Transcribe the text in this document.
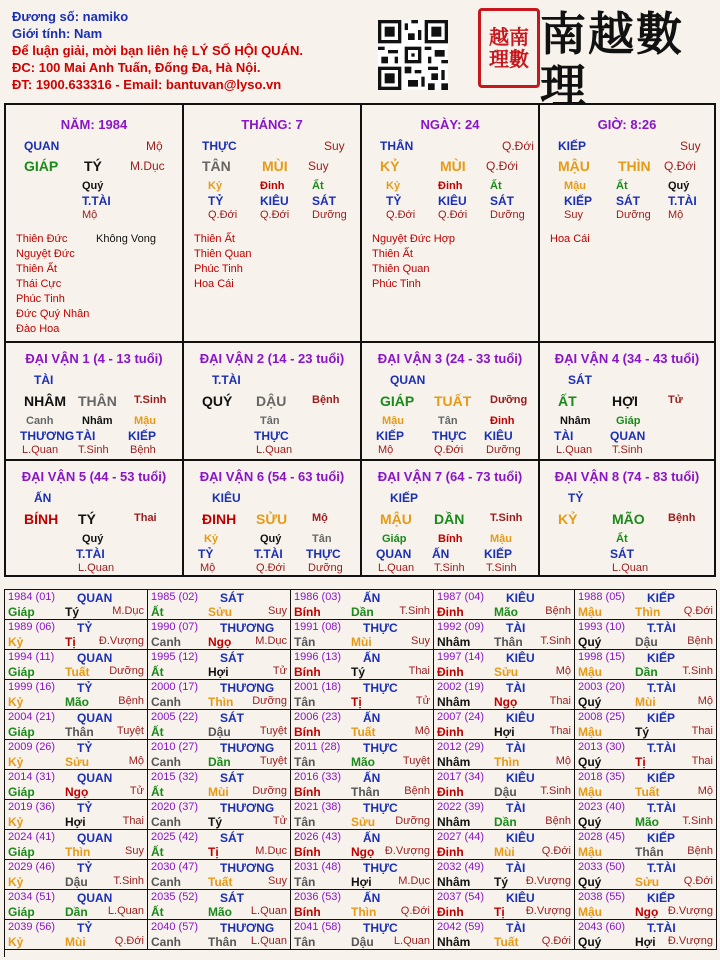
Đương số: namiko
Giới tính: Nam
Để luận giải, mời bạn liên hệ LÝ SỐ HỘI QUÁN.
ĐC: 100 Mai Anh Tuấn, Đống Đa, Hà Nội.
ĐT: 1900.633316 - Email: bantuvan@lyso.vn
越南理數 南越數理
NĂM: 1984
QUAN	Mộ
GIÁP TÝ M.Dục
Quý
T.TÀI
Mộ
Thiên Đức
Nguyệt Đức
Thiên Ất
Thái Cực
Phúc Tinh
Đức Quý Nhân
Đào Hoa
Không Vong
THÁNG: 7
THỰC	Suy
TÂN MÙI Suy
Kỷ
TỶ
Q.Đới
Đinh
KIÊU
Q.Đới
Ất
SÁT
Dưỡng
Thiên Ất
Thiên Quan
Phúc Tinh
Hoa Cái
NGÀY: 24
THÂN	Q.Đới
KỶ	MÙI Q.Đới
Kỷ
TỶ
Q.Đới
Đinh
KIÊU
Q.Đới
Ất
SÁT
Dưỡng
Nguyệt Đức Hợp
Thiên Ất
Thiên Quan
Phúc Tinh
GIỜ: 8:26
KIẾP	Suy
MẬU THÌN Q.Đới
Mậu
KIẾP
Suy
Ất
SÁT
Dưỡng
Quý
T.TÀI
Mộ
Hoa Cái
ĐẠI VẬN 1 (4 - 13 tuổi)
TÀI
NHÂM THÂN T.Sinh
Canh
THƯƠNG
L.Quan
Nhâm
TÀI
T.Sinh
Mậu
KIẾP
Bệnh
ĐẠI VẬN 2 (14 - 23 tuổi)
T.TÀI
QUÝ DẬU Bệnh
Tân
THỰC
L.Quan
ĐẠI VẬN 3 (24 - 33 tuổi)
QUAN
GIÁP TUẤT Dưỡng
Mậu
KIẾP
Mộ
Tân
THỰC
Q.Đới
Đinh
KIÊU
Dưỡng
ĐẠI VẬN 4 (34 - 43 tuổi)
SÁT
ẤT	HỢI	Tử
Nhâm
TÀI
L.Quan
Giáp
QUAN
T.Sinh
ĐẠI VẬN 5 (44 - 53 tuổi)
ẤN
BÍNH TÝ	Thai
Quý
T.TÀI
L.Quan
ĐẠI VẬN 6 (54 - 63 tuổi)
KIÊU
ĐINH SỬU Mộ
Kỷ
TỶ
Mộ
Quý
T.TÀI
Q.Đới
Tân
THỰC
Dưỡng
ĐẠI VẬN 7 (64 - 73 tuổi)
KIẾP
MẬU DẦN T.Sinh
Giáp
QUAN
L.Quan
Bính
ẤN
T.Sinh
Mậu
KIẾP
T.Sinh
ĐẠI VẬN 8 (74 - 83 tuổi)
TỶ
KỶ MÃO Bệnh
Ất
SÁT
L.Quan
1984 (01) QUAN
Giáp	Tý	M.Dục
1985 (02) SÁT
Ất	Sửu	Suy
1986 (03) ẤN
Bính	Dần T.Sinh
1987 (04) KIÊU
Đinh	Mão Bệnh
1988 (05) KIẾP
Mậu	Thìn Q.Đới
1989 (06) TỶ
Kỷ	Tị Đ.Vượng
1990 (07) THƯƠNG
Canh Ngọ M.Dục
1991 (08) THỰC
Tân	Mùi	Suy
1992 (09) TÀI
Nhâm Thân T.Sinh
1993 (10) T.TÀI
Quý	Dậu	Bệnh
1994 (11) QUAN
Giáp	Tuất Dưỡng
1995 (12) SÁT
Ất	Hợi	Tử
1996 (13) ẤN
Bính	Tý	Thai
1997 (14) KIÊU
Đinh	Sửu	Mộ
1998 (15) KIẾP
Mậu	Dần T.Sinh
1999 (16) TỶ
Kỷ	Mão	Bệnh
2000 (17) THƯƠNG
Canh Thìn Dưỡng
2001 (18) THỰC
Tân	Tị	Tử
2002 (19) TÀI
Nhâm Ngọ	Thai
2003 (20) T.TÀI
Quý	Mùi	Mộ
2004 (21) QUAN
Giáp	Thân Tuyệt
2005 (22) SÁT
Ất	Dậu	Tuyệt
2006 (23) ẤN
Bính	Tuất	Mộ
2007 (24) KIÊU
Đinh	Hợi	Thai
2008 (25) KIẾP
Mậu	Tý	Thai
2009 (26) TỶ
Kỷ	Sửu	Mộ
2010 (27) THƯƠNG
Canh Dần	Tuyệt
2011 (28) THỰC
Tân	Mão	Tuyệt
2012 (29) TÀI
Nhâm Thìn	Mộ
2013 (30) T.TÀI
Quý	Tị	Thai
2014 (31) QUAN
Giáp	Ngọ	Tử
2015 (32) SÁT
Ất	Mùi Dưỡng
2016 (33) ẤN
Bính	Thân Bệnh
2017 (34) KIÊU
Đinh	Dậu T.Sinh
2018 (35) KIẾP
Mậu	Tuất	Mộ
2019 (36) TỶ
Kỷ	Hợi	Thai
2020 (37) THƯƠNG
Canh Tý	Tử
2021 (38) THỰC
Tân	Sửu Dưỡng
2022 (39) TÀI
Nhâm Dần	Bệnh
2023 (40) T.TÀI
Quý	Mão T.Sinh
2024 (41) QUAN
Giáp	Thìn	Suy
2025 (42) SÁT
Ất	Tị	M.Dục
2026 (43) ẤN
Bính	Ngọ Đ.Vượng
2027 (44) KIÊU
Đinh	Mùi Q.Đới
2028 (45) KIẾP
Mậu	Thân Bệnh
2029 (46) TỶ
Kỷ	Dậu T.Sinh
2030 (47) THƯƠNG
Canh Tuất	Suy
2031 (48) THỰC
Tân	Hợi M.Dục
2032 (49) TÀI
Nhâm Tý Đ.Vượng
2033 (50) T.TÀI
Quý	Sửu Q.Đới
2034 (51) QUAN
Giáp	Dần L.Quan
2035 (52) SÁT
Ất	Mão L.Quan
2036 (53) ẤN
Bính	Thìn Q.Đới
2037 (54) KIÊU
Đinh	Tị Đ.Vượng
2038 (55) KIẾP
Mậu	Ngọ Đ.Vượng
2039 (56) TỶ
Kỷ	Mùi	Q.Đới
2040 (57) THƯƠNG
Canh Thân L.Quan
2041 (58) THỰC
Tân	Dậu L.Quan
2042 (59) TÀI
Nhâm Tuất Q.Đới
2043 (60) T.TÀI
Quý	Hợi Đ.Vượng
